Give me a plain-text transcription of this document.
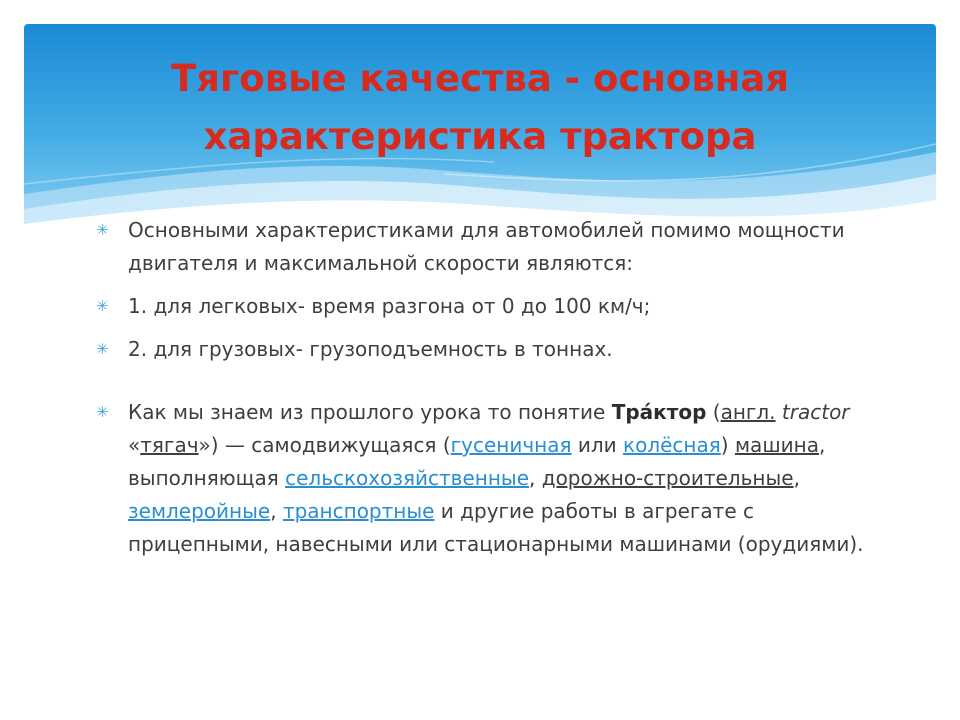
Тяговые качества - основная
характеристика трактора
✳ Основными характеристиками для автомобилей помимо мощности двигателя и максимальной скорости являются:
✳ 1. для легковых- время разгона от 0 до 100 км/ч;
✳ 2. для грузовых- грузоподъемность в тоннах.
✳ Как мы знаем из прошлого урока то понятие Тра́ктор (англ. tractor «тягач») — самодвижущаяся (гусеничная или колёсная) машина, выполняющая сельскохозяйственные, дорожно-строительные, землеройные, транспортные и другие работы в агрегате с прицепными, навесными или стационарными машинами (орудиями).
